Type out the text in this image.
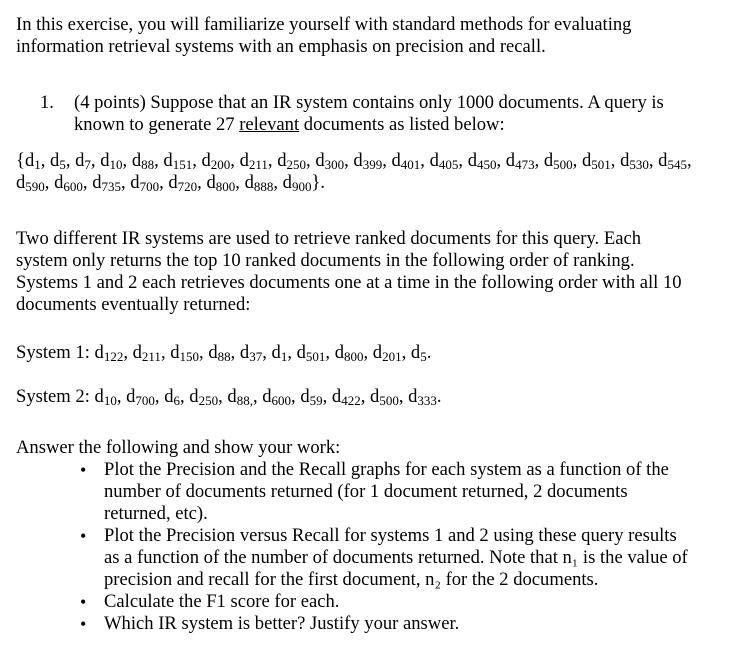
In this exercise, you will familiarize yourself with standard methods for evaluating

information retrieval systems with an emphasis on precision and recall.

1. (4 points) Suppose that an IR system contains only 1000 documents. A query is

known to generate 27 relevant documents as listed below:

{$d_1$, $d_5$, $d_7$, $d_{10}$, $d_{88}$, $d_{151}$, $d_{200}$, $d_{211}$, $d_{250}$, $d_{300}$, $d_{399}$, $d_{401}$, $d_{405}$, $d_{450}$, $d_{473}$, $d_{500}$, $d_{501}$, $d_{530}$, $d_{545}$,

$d_{590}$, $d_{600}$, $d_{735}$, $d_{700}$, $d_{720}$, $d_{800}$, $d_{888}$, $d_{900}$}.

Two different IR systems are used to retrieve ranked documents for this query. Each

system only returns the top 10 ranked documents in the following order of ranking.

Systems 1 and 2 each retrieves documents one at a time in the following order with all 10

documents eventually returned:

System 1: $d_{122}$, $d_{211}$, $d_{150}$, $d_{88}$, $d_{37}$, $d_1$, $d_{501}$, $d_{800}$, $d_{201}$, $d_5$.

System 2: $d_{10}$, $d_{700}$, $d_6$, $d_{250}$, $d_{88,}$, $d_{600}$, $d_{59}$, $d_{422}$, $d_{500}$, $d_{333}$.

Answer the following and show your work:

• Plot the Precision and the Recall graphs for each system as a function of the
number of documents returned (for 1 document returned, 2 documents
returned, etc).
• Plot the Precision versus Recall for systems 1 and 2 using these query results
as a function of the number of documents returned. Note that n₁ is the value of
precision and recall for the first document, n₂ for the 2 documents.
• Calculate the F1 score for each.
• Which IR system is better? Justify your answer.
